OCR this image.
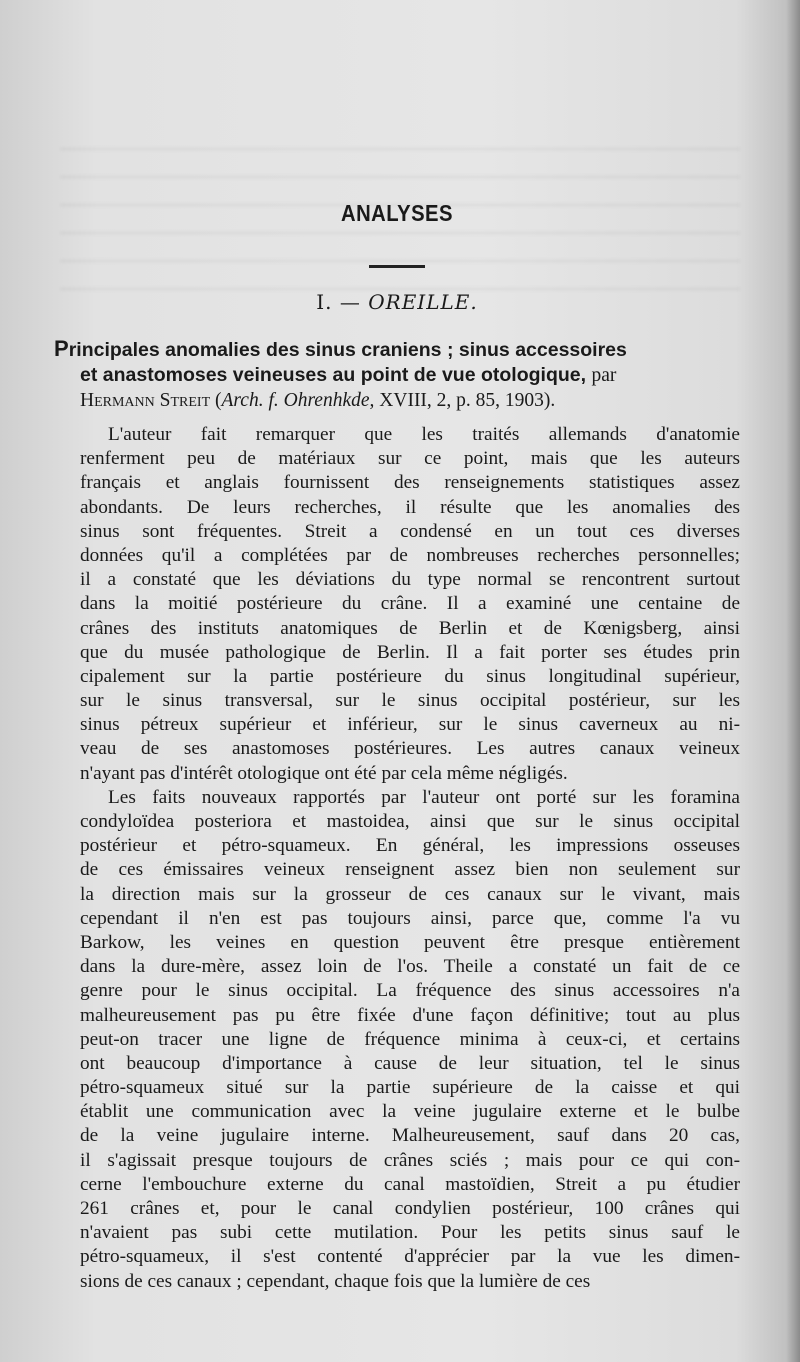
ANALYSES
I. — OREILLE.
Principales anomalies des sinus craniens ; sinus accessoires
et anastomoses veineuses au point de vue otologique, par
Hermann Streit (Arch. f. Ohrenhkde, XVIII, 2, p. 85, 1903).
L'auteur fait remarquer que les traités allemands d'anatomie
renferment peu de matériaux sur ce point, mais que les auteurs
français et anglais fournissent des renseignements statistiques assez
abondants. De leurs recherches, il résulte que les anomalies des
sinus sont fréquentes. Streit a condensé en un tout ces diverses
données qu'il a complétées par de nombreuses recherches personnelles;
il a constaté que les déviations du type normal se rencontrent surtout
dans la moitié postérieure du crâne. Il a examiné une centaine de
crânes des instituts anatomiques de Berlin et de Kœnigsberg, ainsi
que du musée pathologique de Berlin. Il a fait porter ses études prin
cipalement sur la partie postérieure du sinus longitudinal supérieur,
sur le sinus transversal, sur le sinus occipital postérieur, sur les
sinus pétreux supérieur et inférieur, sur le sinus caverneux au ni-
veau de ses anastomoses postérieures. Les autres canaux veineux
n'ayant pas d'intérêt otologique ont été par cela même négligés.
Les faits nouveaux rapportés par l'auteur ont porté sur les foramina
condyloïdea posteriora et mastoidea, ainsi que sur le sinus occipital
postérieur et pétro-squameux. En général, les impressions osseuses
de ces émissaires veineux renseignent assez bien non seulement sur
la direction mais sur la grosseur de ces canaux sur le vivant, mais
cependant il n'en est pas toujours ainsi, parce que, comme l'a vu
Barkow, les veines en question peuvent être presque entièrement
dans la dure-mère, assez loin de l'os. Theile a constaté un fait de ce
genre pour le sinus occipital. La fréquence des sinus accessoires n'a
malheureusement pas pu être fixée d'une façon définitive; tout au plus
peut-on tracer une ligne de fréquence minima à ceux-ci, et certains
ont beaucoup d'importance à cause de leur situation, tel le sinus
pétro-squameux situé sur la partie supérieure de la caisse et qui
établit une communication avec la veine jugulaire externe et le bulbe
de la veine jugulaire interne. Malheureusement, sauf dans 20 cas,
il s'agissait presque toujours de crânes sciés ; mais pour ce qui con-
cerne l'embouchure externe du canal mastoïdien, Streit a pu étudier
261 crânes et, pour le canal condylien postérieur, 100 crânes qui
n'avaient pas subi cette mutilation. Pour les petits sinus sauf le
pétro-squameux, il s'est contenté d'apprécier par la vue les dimen-
sions de ces canaux ; cependant, chaque fois que la lumière de ces
